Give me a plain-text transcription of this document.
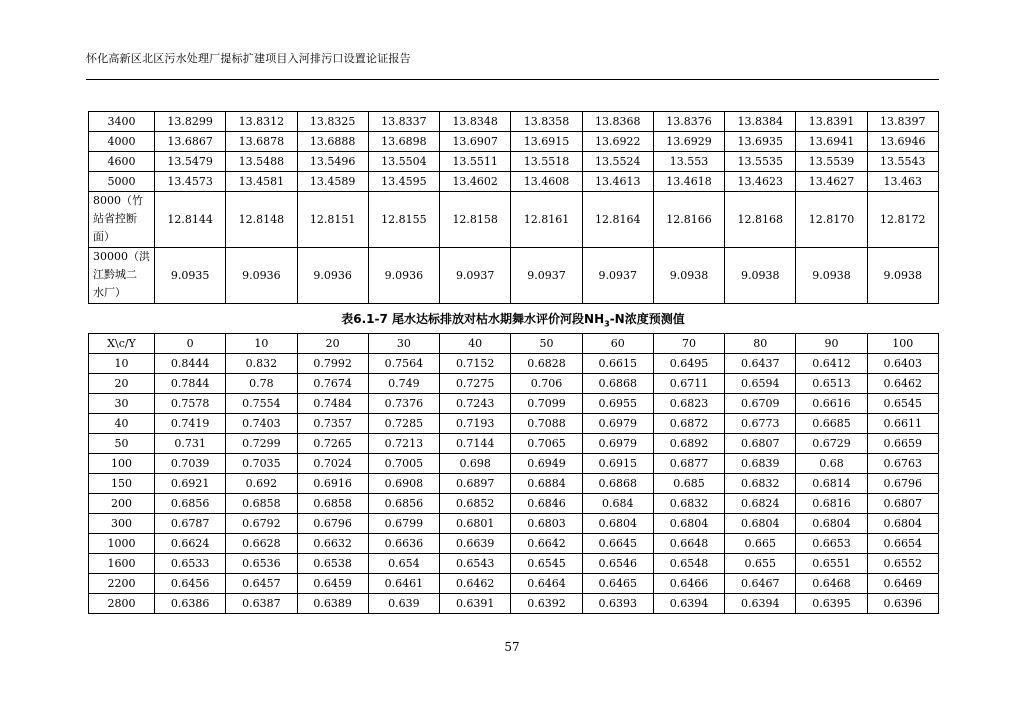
怀化高新区北区污水处理厂提标扩建项目入河排污口设置论证报告
3400	13.8299	13.8312	13.8325	13.8337	13.8348	13.8358	13.8368	13.8376	13.8384	13.8391	13.8397
4000	13.6867	13.6878	13.6888	13.6898	13.6907	13.6915	13.6922	13.6929	13.6935	13.6941	13.6946
4600	13.5479	13.5488	13.5496	13.5504	13.5511	13.5518	13.5524	13.553	13.5535	13.5539	13.5543
5000	13.4573	13.4581	13.4589	13.4595	13.4602	13.4608	13.4613	13.4618	13.4623	13.4627	13.463
8000（竹
站省控断
面）	12.8144	12.8148	12.8151	12.8155	12.8158	12.8161	12.8164	12.8166	12.8168	12.8170	12.8172
30000（洪
江黔城二
水厂）	9.0935	9.0936	9.0936	9.0936	9.0937	9.0937	9.0937	9.0938	9.0938	9.0938	9.0938
表6.1-7 尾水达标排放对枯水期舞水评价河段$NH_3-N$浓度预测值
X\c/Y	0	10	20	30	40	50	60	70	80	90	100
10	0.8444	0.832	0.7992	0.7564	0.7152	0.6828	0.6615	0.6495	0.6437	0.6412	0.6403
20	0.7844	0.78	0.7674	0.749	0.7275	0.706	0.6868	0.6711	0.6594	0.6513	0.6462
30	0.7578	0.7554	0.7484	0.7376	0.7243	0.7099	0.6955	0.6823	0.6709	0.6616	0.6545
40	0.7419	0.7403	0.7357	0.7285	0.7193	0.7088	0.6979	0.6872	0.6773	0.6685	0.6611
50	0.731	0.7299	0.7265	0.7213	0.7144	0.7065	0.6979	0.6892	0.6807	0.6729	0.6659
100	0.7039	0.7035	0.7024	0.7005	0.698	0.6949	0.6915	0.6877	0.6839	0.68	0.6763
150	0.6921	0.692	0.6916	0.6908	0.6897	0.6884	0.6868	0.685	0.6832	0.6814	0.6796
200	0.6856	0.6858	0.6858	0.6856	0.6852	0.6846	0.684	0.6832	0.6824	0.6816	0.6807
300	0.6787	0.6792	0.6796	0.6799	0.6801	0.6803	0.6804	0.6804	0.6804	0.6804	0.6804
1000	0.6624	0.6628	0.6632	0.6636	0.6639	0.6642	0.6645	0.6648	0.665	0.6653	0.6654
1600	0.6533	0.6536	0.6538	0.654	0.6543	0.6545	0.6546	0.6548	0.655	0.6551	0.6552
2200	0.6456	0.6457	0.6459	0.6461	0.6462	0.6464	0.6465	0.6466	0.6467	0.6468	0.6469
2800	0.6386	0.6387	0.6389	0.639	0.6391	0.6392	0.6393	0.6394	0.6394	0.6395	0.6396
57
